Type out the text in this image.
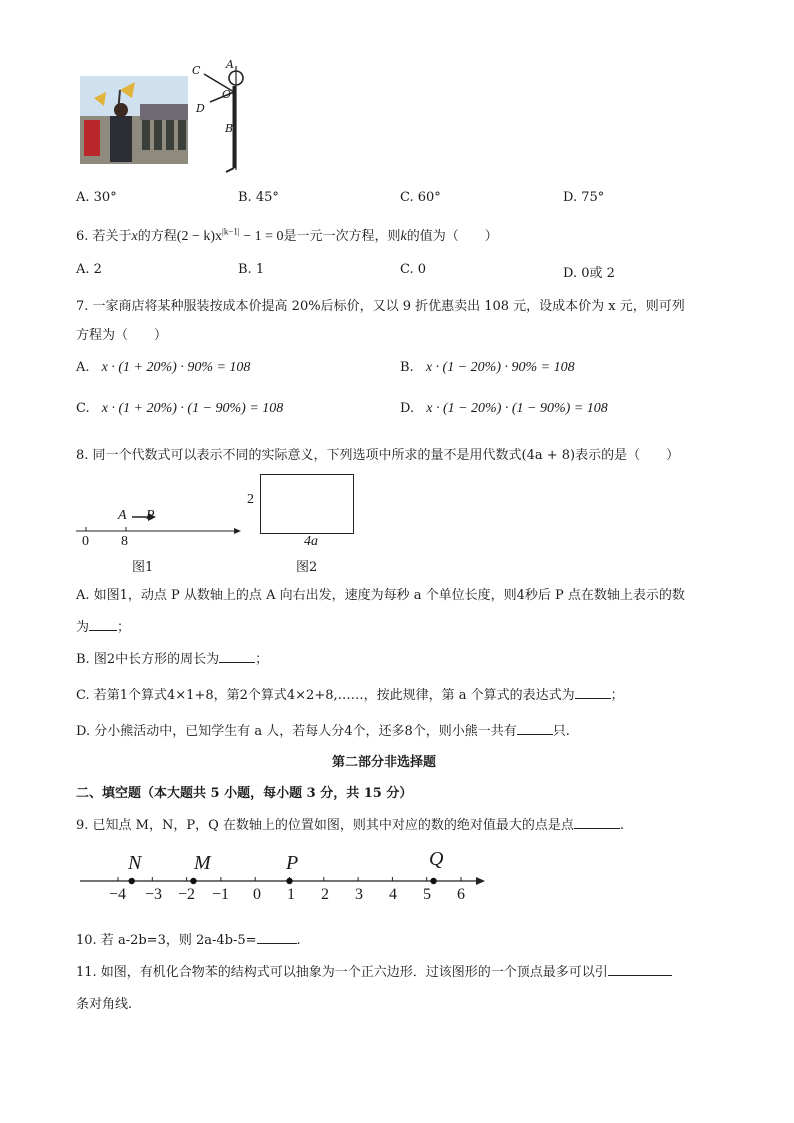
C A
O
D
B
A. 30°	B. 45°	C. 60°	D. 75°
6. 若关于x的方程$(2 - k)x^{|k-1|} - 1 = 0$是一元一次方程，则k的值为（　　）
A. 2	B. 1	C. 0	D. 0或 2
7. 一家商店将某种服装按成本价提高 20%后标价，又以 9 折优惠卖出 108 元，设成本价为 x 元，则可列
方程为（　　）
A. x · (1 + 20%) · 90% = 108	B. x · (1 − 20%) · 90% = 108
C. x · (1 + 20%) · (1 − 90%) = 108	D. x · (1 − 20%) · (1 − 90%) = 108
8. 同一个代数式可以表示不同的实际意义，下列选项中所求的量不是用代数式(4a + 8)表示的是（　　）
A P
0 8
图1
2
4a
图2
A. 如图1，动点 P 从数轴上的点 A 向右出发，速度为每秒 a 个单位长度，则4秒后 P 点在数轴上表示的数
为 ；
B. 图2中长方形的周长为	；
C. 若第1个算式4×1+8，第2个算式4×2+8,……，按此规律，第 a 个算式的表达式为	；
D. 分小熊活动中，已知学生有 a 人，若每人分4个，还多8个，则小熊一共有	只.
第二部分非选择题
二、填空题（本大题共 5 小题，每小题 3 分，共 15 分）
9. 已知点 M，N，P，Q 在数轴上的位置如图，则其中对应的数的绝对值最大的点是点	.
−4 −3 −2 −1 0 1 2 3 4 5 6
N	M	P	Q
10. 若 a-2b=3，则 2a-4b-5=	.
11. 如图，有机化合物苯的结构式可以抽象为一个正六边形．过该图形的一个顶点最多可以引
条对角线.
